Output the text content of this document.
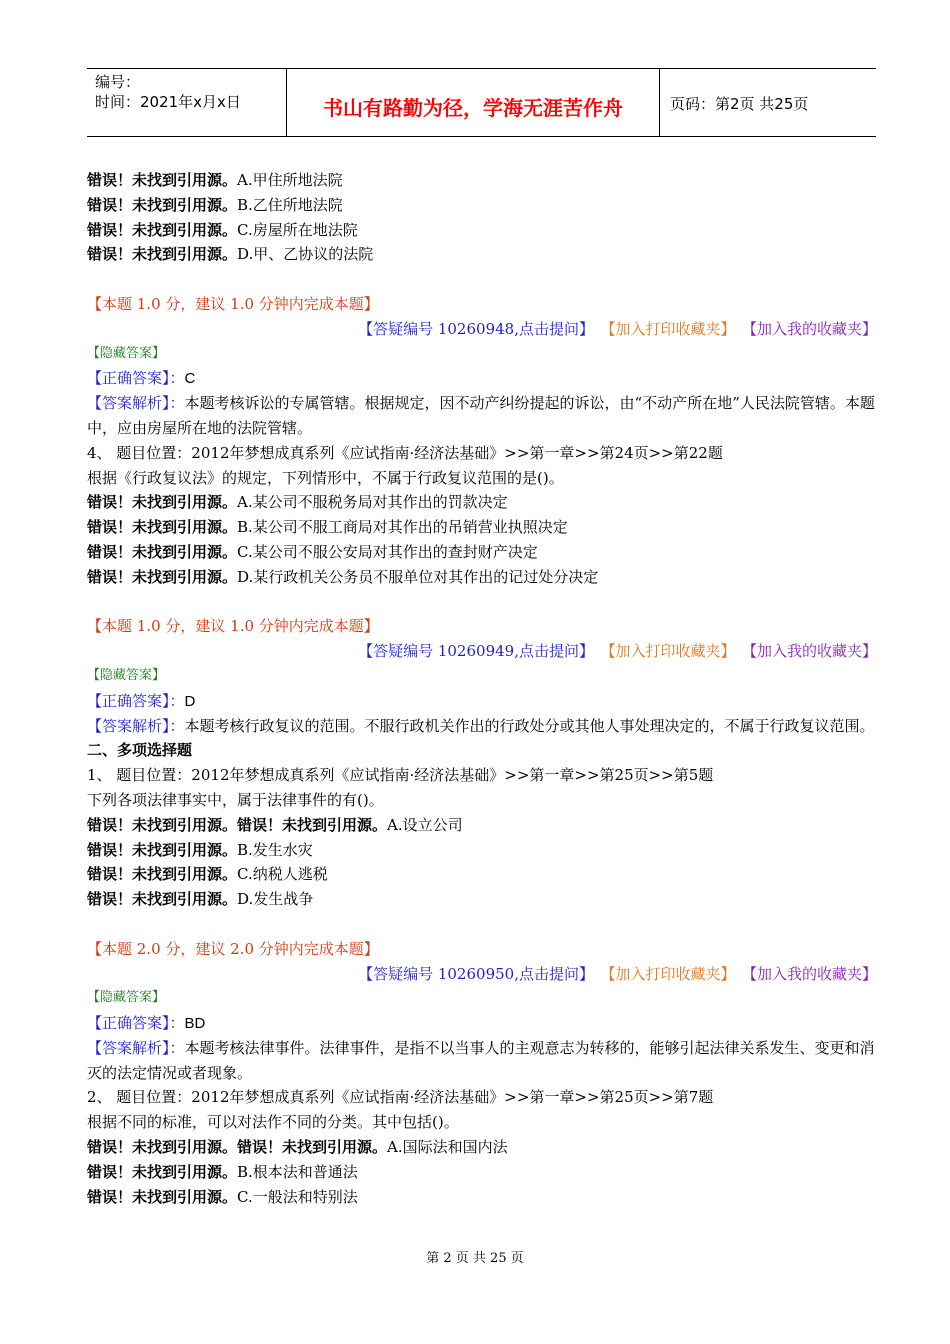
编号：
时间：2021年x月x日	书山有路勤为径，学海无涯苦作舟	页码：第2页 共25页
错误！未找到引用源。A.甲住所地法院
错误！未找到引用源。B.乙住所地法院
错误！未找到引用源。C.房屋所在地法院
错误！未找到引用源。D.甲、乙协议的法院
【本题 1.0 分，建议 1.0 分钟内完成本题】
【答疑编号 10260948,点击提问】 【加入打印收藏夹】 【加入我的收藏夹】
【隐藏答案】
【正确答案】：C
【答案解析】：本题考核诉讼的专属管辖。根据规定，因不动产纠纷提起的诉讼，由“不动产所在地”人民法院管辖。本题中，应由房屋所在地的法院管辖。
4、 题目位置：2012年梦想成真系列《应试指南·经济法基础》>>第一章>>第24页>>第22题
根据《行政复议法》的规定，下列情形中，不属于行政复议范围的是()。
错误！未找到引用源。A.某公司不服税务局对其作出的罚款决定
错误！未找到引用源。B.某公司不服工商局对其作出的吊销营业执照决定
错误！未找到引用源。C.某公司不服公安局对其作出的查封财产决定
错误！未找到引用源。D.某行政机关公务员不服单位对其作出的记过处分决定
【本题 1.0 分，建议 1.0 分钟内完成本题】
【答疑编号 10260949,点击提问】 【加入打印收藏夹】 【加入我的收藏夹】
【隐藏答案】
【正确答案】：D
【答案解析】：本题考核行政复议的范围。不服行政机关作出的行政处分或其他人事处理决定的，不属于行政复议范围。
二、多项选择题
1、 题目位置：2012年梦想成真系列《应试指南·经济法基础》>>第一章>>第25页>>第5题
下列各项法律事实中，属于法律事件的有()。
错误！未找到引用源。错误！未找到引用源。A.设立公司
错误！未找到引用源。B.发生水灾
错误！未找到引用源。C.纳税人逃税
错误！未找到引用源。D.发生战争
【本题 2.0 分，建议 2.0 分钟内完成本题】
【答疑编号 10260950,点击提问】 【加入打印收藏夹】 【加入我的收藏夹】
【隐藏答案】
【正确答案】：BD
【答案解析】：本题考核法律事件。法律事件，是指不以当事人的主观意志为转移的，能够引起法律关系发生、变更和消灭的法定情况或者现象。
2、 题目位置：2012年梦想成真系列《应试指南·经济法基础》>>第一章>>第25页>>第7题
根据不同的标准，可以对法作不同的分类。其中包括()。
错误！未找到引用源。错误！未找到引用源。A.国际法和国内法
错误！未找到引用源。B.根本法和普通法
错误！未找到引用源。C.一般法和特别法
第 2 页 共 25 页
